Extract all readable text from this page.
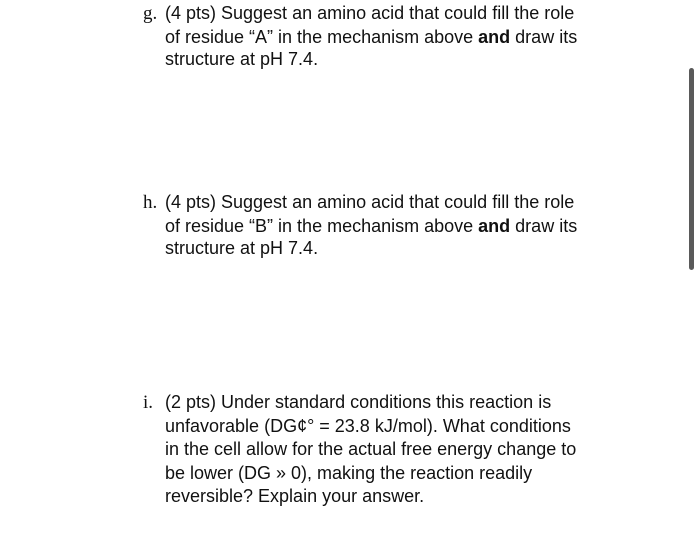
g. (4 pts) Suggest an amino acid that could fill the role
of residue “A” in the mechanism above and draw its
structure at pH 7.4.
h. (4 pts) Suggest an amino acid that could fill the role
of residue “B” in the mechanism above and draw its
structure at pH 7.4.
i. (2 pts) Under standard conditions this reaction is
unfavorable (DG¢° = 23.8 kJ/mol). What conditions
in the cell allow for the actual free energy change to
be lower (DG » 0), making the reaction readily
reversible? Explain your answer.
